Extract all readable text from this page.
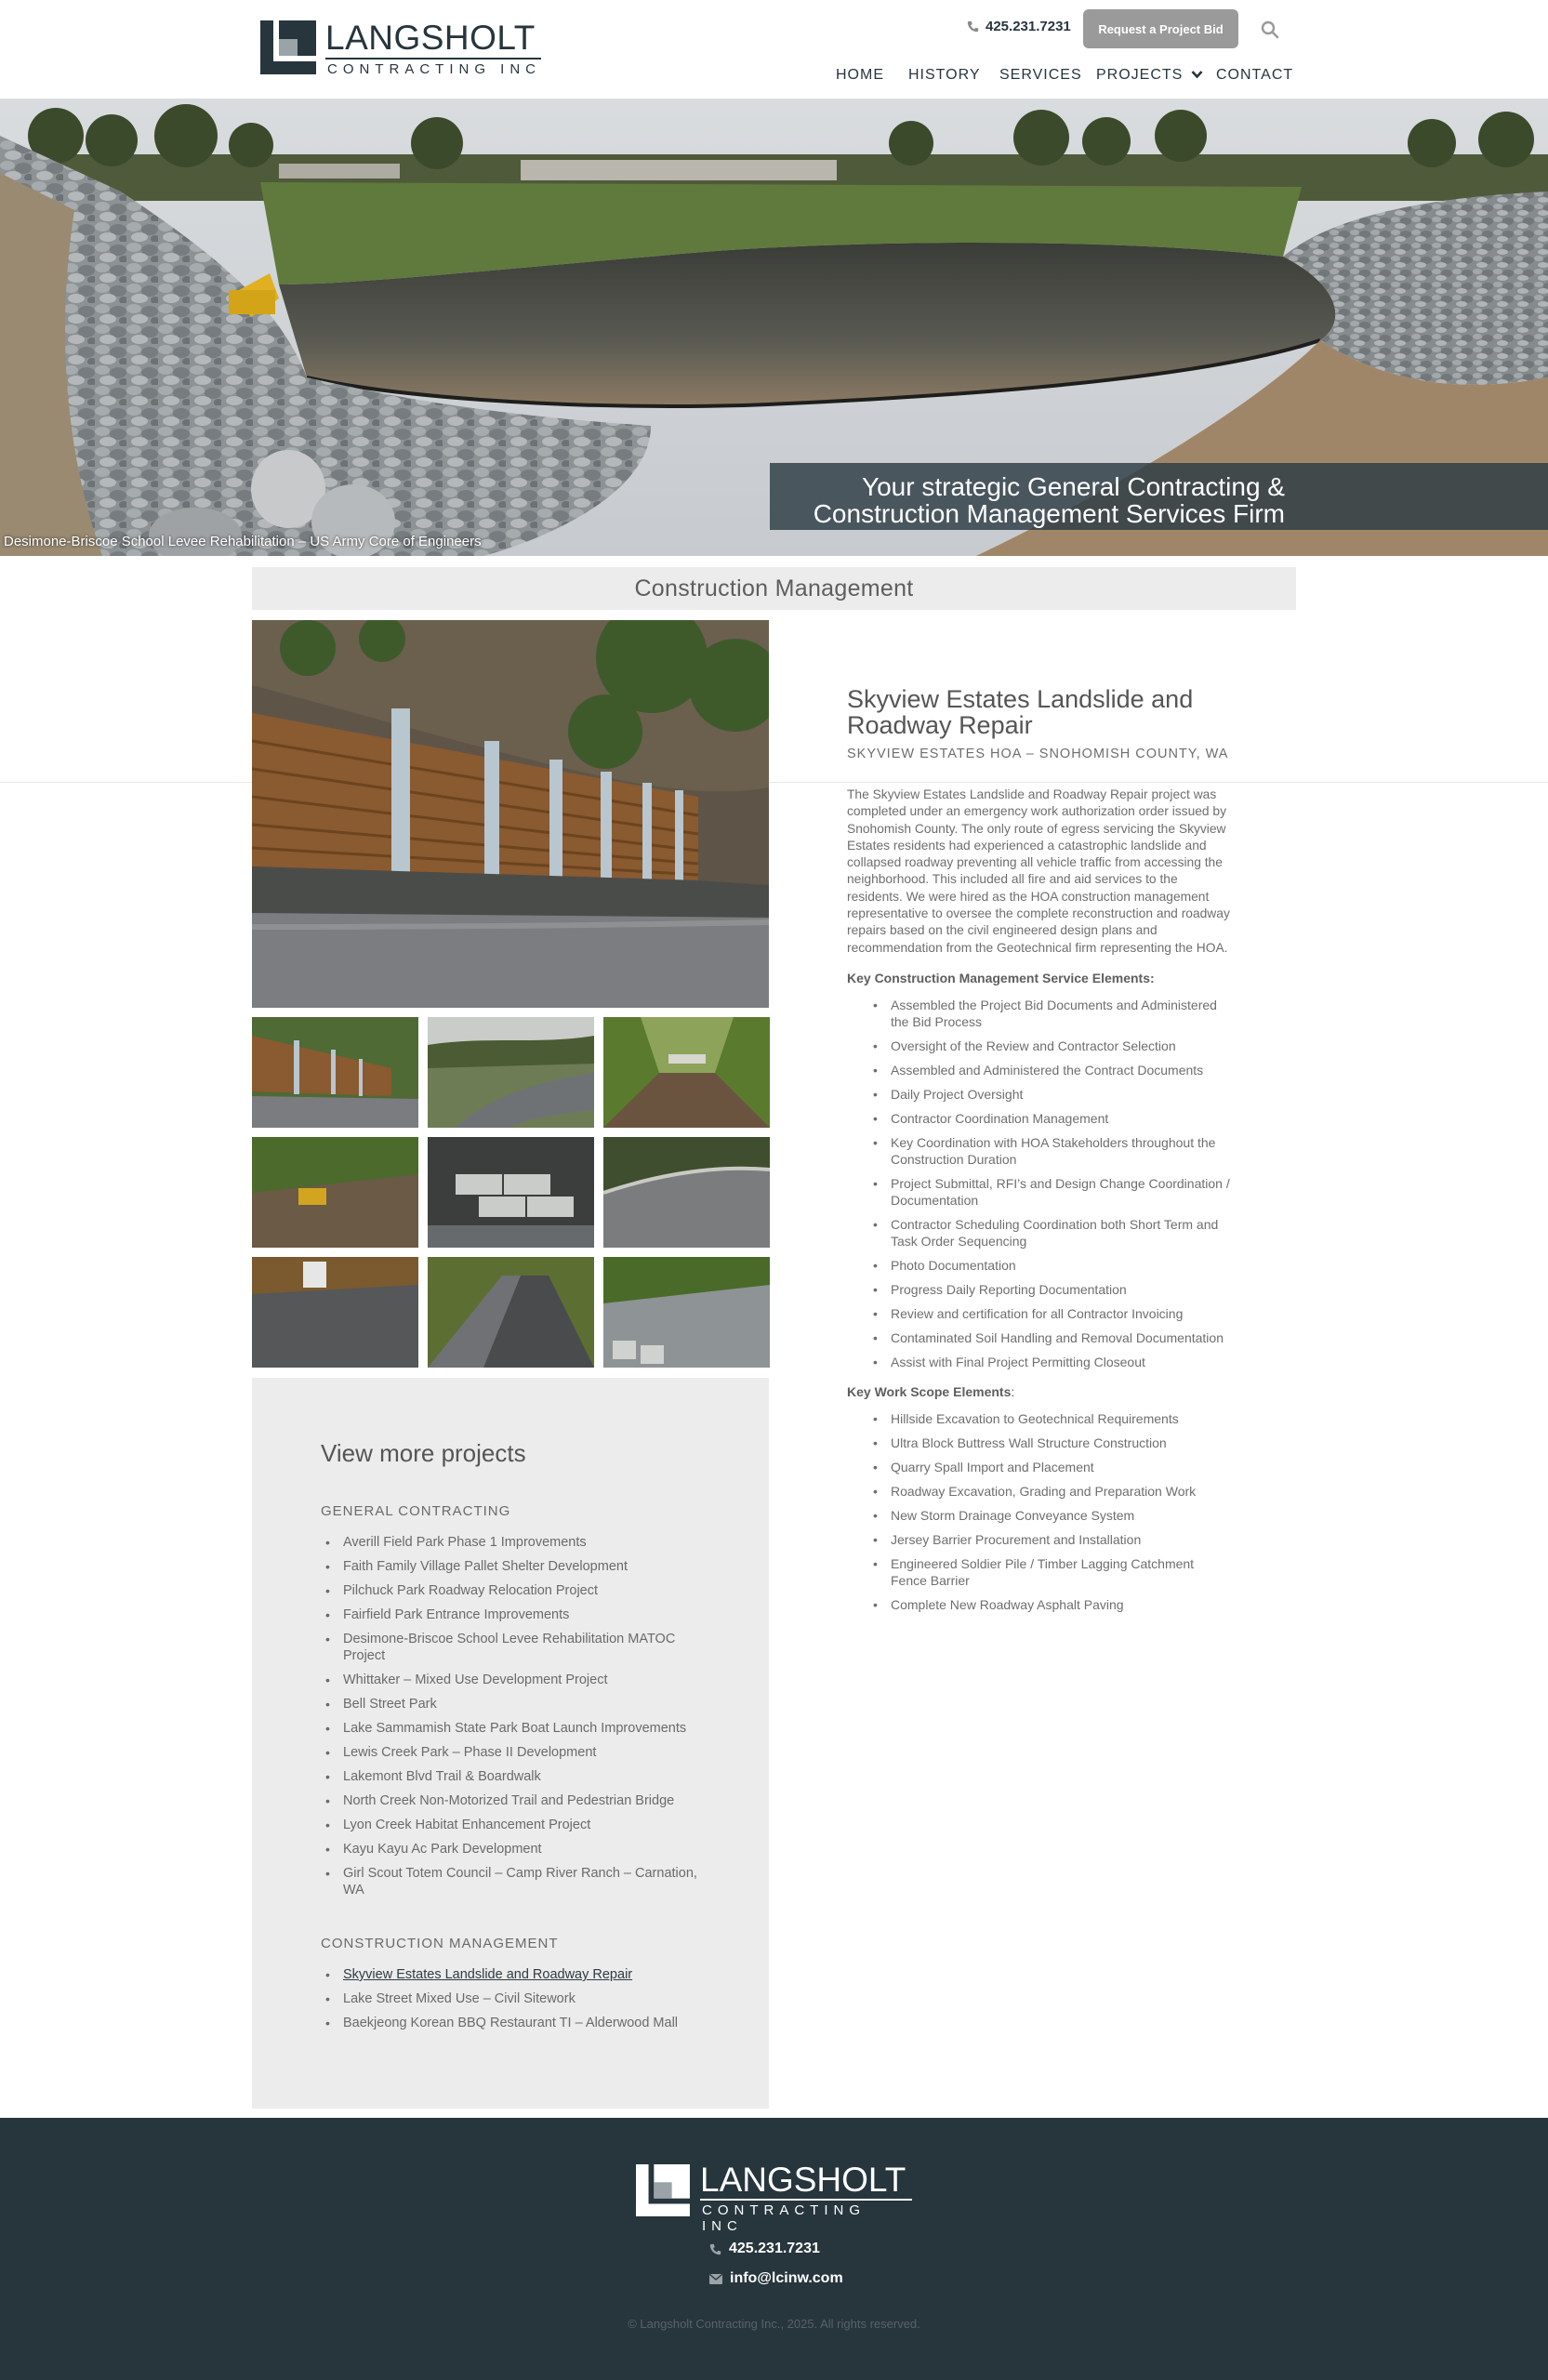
LANGSHOLT
CONTRACTING INC
425.231.7231	Request a Project Bid
HOME HISTORY SERVICES PROJECTS	CONTACT
Your strategic General Contracting &
Construction Management Services Firm
Desimone-Briscoe School Levee Rehabilitation – US Army Core of Engineers
Construction Management
View more projects
GENERAL CONTRACTING
• Averill Field Park Phase 1 Improvements
• Faith Family Village Pallet Shelter Development
• Pilchuck Park Roadway Relocation Project
• Fairfield Park Entrance Improvements
• Desimone-Briscoe School Levee Rehabilitation MATOC Project
• Whittaker – Mixed Use Development Project
• Bell Street Park
• Lake Sammamish State Park Boat Launch Improvements
• Lewis Creek Park – Phase II Development
• Lakemont Blvd Trail & Boardwalk
• North Creek Non-Motorized Trail and Pedestrian Bridge
• Lyon Creek Habitat Enhancement Project
• Kayu Kayu Ac Park Development
• Girl Scout Totem Council – Camp River Ranch – Carnation, WA
CONSTRUCTION MANAGEMENT
• Skyview Estates Landslide and Roadway Repair
• Lake Street Mixed Use – Civil Sitework
• Baekjeong Korean BBQ Restaurant TI – Alderwood Mall
Skyview Estates Landslide and Roadway Repair
SKYVIEW ESTATES HOA – SNOHOMISH COUNTY, WA
The Skyview Estates Landslide and Roadway Repair project was completed under an emergency work authorization order issued by Snohomish County. The only route of egress servicing the Skyview Estates residents had experienced a catastrophic landslide and collapsed roadway preventing all vehicle traffic from accessing the neighborhood. This included all fire and aid services to the residents. We were hired as the HOA construction management representative to oversee the complete reconstruction and roadway repairs based on the civil engineered design plans and recommendation from the Geotechnical firm representing the HOA.
Key Construction Management Service Elements:
• Assembled the Project Bid Documents and Administered the Bid Process
• Oversight of the Review and Contractor Selection
• Assembled and Administered the Contract Documents
• Daily Project Oversight
• Contractor Coordination Management
• Key Coordination with HOA Stakeholders throughout the Construction Duration
• Project Submittal, RFI’s and Design Change Coordination / Documentation
• Contractor Scheduling Coordination both Short Term and Task Order Sequencing
• Photo Documentation
• Progress Daily Reporting Documentation
• Review and certification for all Contractor Invoicing
• Contaminated Soil Handling and Removal Documentation
• Assist with Final Project Permitting Closeout
Key Work Scope Elements:
• Hillside Excavation to Geotechnical Requirements
• Ultra Block Buttress Wall Structure Construction
• Quarry Spall Import and Placement
• Roadway Excavation, Grading and Preparation Work
• New Storm Drainage Conveyance System
• Jersey Barrier Procurement and Installation
• Engineered Soldier Pile / Timber Lagging Catchment Fence Barrier
• Complete New Roadway Asphalt Paving
LANGSHOLT
CONTRACTING INC
425.231.7231
info@lcinw.com
© Langsholt Contracting Inc., 2025. All rights reserved.
